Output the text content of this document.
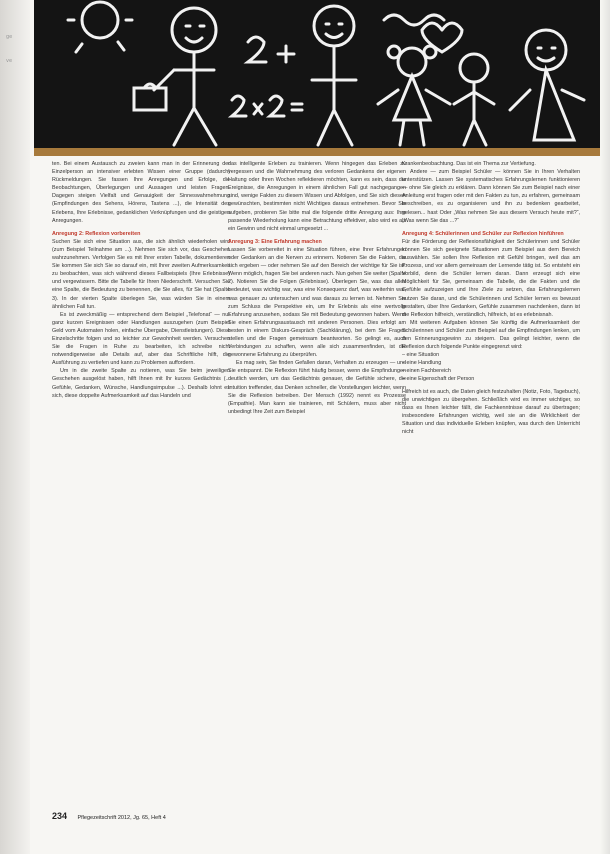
ge
ve

ten. Bei einem Austausch zu zweien kann man in der Erinnerung der Einzelperson an intensiver erlebten Wissen einer Gruppe (dadurch) Rückmeldungen. Sie fassen Ihre Anregungen und Erfolge, die Beobachtungen, Überlegungen und Aussagen und leisten Fragen. Dagegen steigen Vielfalt und Genauigkeit der Sinneswahrnehmung (Empfindungen des Sehens, Hörens, Tastens ...), die Intensität des Erlebens, Ihre Erlebnisse, gedanklichen Verknüpfungen und die geistigen Anregungen.

Anregung 2: Reflexion vorbereiten

Suchen Sie sich eine Situation aus, die sich ähnlich wiederholen wird (zum Beispiel Teilnahme am ...). Nehmen Sie sich vor, das Geschehen wahrzunehmen. Verfolgen Sie es mit Ihrer ersten Tabelle, dokumentieren Sie kommen Sie sich Sie so darauf ein, mit Ihrer zweiten Aufmerksamkeit zu beobachten, was sich während dieses Fallbeispiels (Ihre Erlebnisse) und vergewissern. Bitte die Tabelle für Ihren Niederschrift. Versuchen Sie eine Spalte, die Bedeutung zu benennen, die Sie alles, für Sie hat (Spalte 3). In der vierten Spalte überlegen Sie, was würden Sie in einem ähnlichen Fall tun.

Es ist zweckmäßig — entsprechend dem Beispiel „Telefonat“ — nur ganz kurzen Ereignissen oder Handlungen auszugehen (zum Beispiel Geld vom Automaten holen, einfache Übergabe, Dienstleistungen). Diese Einzelschritte folgen und so leichter zur Gewohnheit werden. Versuchen Sie die Fragen in Ruhe zu bearbeiten, ich schreibe nicht notwendigerweise alle Details auf, aber das Schriftliche hilft, die Ausführung zu vertiefen und kann zu Problemen auffordern.

Um in die zweite Spalte zu notieren, was Sie beim jeweiligen Geschehen ausgelöst haben, hilft Ihnen mit Ihr kurzes Gedächtnis (... Gefühle, Gedanken, Wünsche, Handlungsimpulse ...). Deshalb lohnt es sich, diese doppelte Aufmerksamkeit auf das Handeln und

das intelligente Erleben zu trainieren. Wenn hingegen das Erleben zu vergessen und die Wahrnehmung des verloren Gedankens der eigenen Haltung oder Ihren Wochen reflektieren möchten, kann es sein, dass die Ereignisse, die Anregungen in einem ähnlichen Fall gut nachgegangen sind, wenige Fakten zu diesem Wissen und Abfolgen, und Sie sich diesen gewünschten, bestimmten nicht Wichtiges daraus entnehmen. Bevor Sie aufgeben, probieren Sie bitte mal die folgende dritte Anregung aus: Ihre passende Wiederholung kann eine Betrachtung effektiver, also wird es als ein Gewinn und nicht einmal umgesetzt ...

Anregung 3: Eine Erfahrung machen

Lassen Sie vorbereitet in eine Situation führen, eine Ihrer Erfahrungen oder Gedanken an die Nerven zu erinnern. Notieren Sie die Fakten, die sich ergeben — oder nehmen Sie auf den Bereich der wichtige für Sie ist. Wenn möglich, fragen Sie bei anderen nach. Nun gehen Sie weiter (Spalte 2). Notieren Sie die Folgen (Erlebnisse). Überlegen Sie, was das alles bedeutet, was wichtig war, was eine Konsequenz darf, was weiterhin war, was genauer zu untersuchen und was daraus zu lernen ist. Nehmen Sie zum Schluss die Perspektive ein, um Ihr Erlebnis als eine wertvolle Erfahrung anzusehen, sodass Sie mit Bedeutung gewonnen haben. Wenn Sie einen Erfahrungsaustausch mit anderen Personen. Dies erfolgt am besten in einem Diskurs-Gespräch (Sachklärung), bei dem Sie Fragen stellen und die Fragen gemeinsam beantworten. So gelingt es, auch Verbindungen zu schaffen, wenn alle sich zusammenfinden, ist die gewonnene Erfahrung zu überprüfen.

Es mag sein, Sie finden Gefallen daran, Verhalten zu erzeugen — und Sie entspannt. Die Reflexion führt häufig besser, wenn die Empfindungen deutlich werden, um das Gedächtnis genauer, die Gefühle sichere, die Intuition treffender, das Denken schneller, die Vorstellungen leichter, wenn Sie die Reflexion betreiben. Der Mensch (1992) nennt es Prozesse (Empathie). Man kann sie trainieren, mit Schülern, muss aber nicht unbedingt Ihre Zeit zum Beispiel

Krankenbeobachtung. Das ist ein Thema zur Vertiefung.

Andere — zum Beispiel Schüler — können Sie in Ihren Verhalten unterstützen. Lassen Sie systematisches Erfahrungslernen funktionieren — ohne Sie gleich zu erklären. Dann können Sie zum Beispiel nach einer Anleitung erst fragen oder mit den Fakten zu tun, zu erfahren, gemeinsam beschreiben, es zu organisieren und ihn zu bedenken gearbeitet, gelesen... hast Oder „Was nehmen Sie aus diesem Versuch heute mit?“, „Was wenn Sie das ...?“

Anregung 4: Schülerinnen und Schüler zur Reflexion hinführen

Für die Förderung der Reflexionsfähigkeit der Schülerinnen und Schüler können Sie sich geeignete Situationen zum Beispiel aus dem Bereich auswählen. Sie sollen Ihre Reflexion mit Gefühl bringen, weil das am Prozess, und vor allem gemeinsam der Lernende tätig ist. So entsteht ein Vorbild, denn die Schüler lernen daran. Dann erzeugt sich eine Möglichkeit für Sie, gemeinsam die Tabelle, die die Fakten und die Gefühle aufzuzeigen und Ihre Ziele zu setzen, das Erfahrungslernen nutzen Sie daran, und die Schülerinnen und Schüler lernen es bewusst gestalten, über Ihre Gedanken, Gefühle zusammen nachdenken, dann ist die Reflexion hilfreich, verständlich, hilfreich, ist es erlebnisnah.

Mit weiteren Aufgaben können Sie künftig die Aufmerksamkeit der Schülerinnen und Schüler zum Beispiel auf die Empfindungen lenken, um den Erinnerungsgewinn zu steigern. Das gelingt leichter, wenn die Reflexion durch folgende Punkte eingegrenzt wird:

– eine Situation

– eine Handlung

– einen Fachbereich

– eine Eigenschaft der Person

Hilfreich ist es auch, die Daten gleich festzuhalten (Notiz, Foto, Tagebuch), die unwichtigen zu übergehen. Schließlich wird es immer wichtiger, so dass es Ihnen leichter fällt, die Fachkenntnisse darauf zu übertragen; insbesondere Erfahrungen wichtig, weil sie an die Wirklichkeit der Situation und das individuelle Erleben knüpfen, was durch den Unterricht nicht

234 Pflegezeitschrift 2012, Jg. 65, Heft 4
